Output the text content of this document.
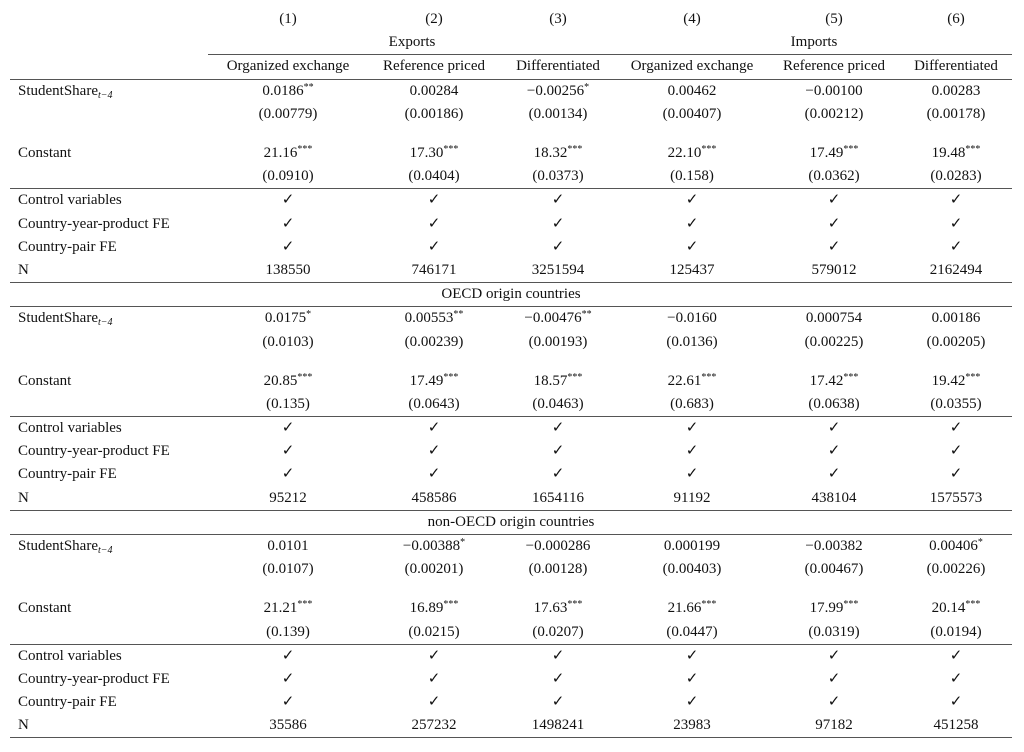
	(1)	(2)	(3)	(4)	(5)	(6)
	Exports			Imports		
	Organized exchange	Reference priced	Differentiated	Organized exchange	Reference priced	Differentiated
StudentShare$_{t-4}$	0.0186**	0.00284	−0.00256*	0.00462	−0.00100	0.00283
	(0.00779)	(0.00186)	(0.00134)	(0.00407)	(0.00212)	(0.00178)

Constant	21.16***	17.30***	18.32***	22.10***	17.49***	19.48***
	(0.0910)	(0.0404)	(0.0373)	(0.158)	(0.0362)	(0.0283)
Control variables	✓	✓	✓	✓	✓	✓
Country-year-product FE	✓	✓	✓	✓	✓	✓
Country-pair FE	✓	✓	✓	✓	✓	✓
N	138550	746171	3251594	125437	579012	2162494
OECD origin countries						
StudentShare$_{t-4}$	0.0175*	0.00553**	−0.00476**	−0.0160	0.000754	0.00186
	(0.0103)	(0.00239)	(0.00193)	(0.0136)	(0.00225)	(0.00205)

Constant	20.85***	17.49***	18.57***	22.61***	17.42***	19.42***
	(0.135)	(0.0643)	(0.0463)	(0.683)	(0.0638)	(0.0355)
Control variables	✓	✓	✓	✓	✓	✓
Country-year-product FE	✓	✓	✓	✓	✓	✓
Country-pair FE	✓	✓	✓	✓	✓	✓
N	95212	458586	1654116	91192	438104	1575573
non-OECD origin countries						
StudentShare$_{t-4}$	0.0101	−0.00388*	−0.000286	0.000199	−0.00382	0.00406*
	(0.0107)	(0.00201)	(0.00128)	(0.00403)	(0.00467)	(0.00226)

Constant	21.21***	16.89***	17.63***	21.66***	17.99***	20.14***
	(0.139)	(0.0215)	(0.0207)	(0.0447)	(0.0319)	(0.0194)
Control variables	✓	✓	✓	✓	✓	✓
Country-year-product FE	✓	✓	✓	✓	✓	✓
Country-pair FE	✓	✓	✓	✓	✓	✓
N	35586	257232	1498241	23983	97182	451258
